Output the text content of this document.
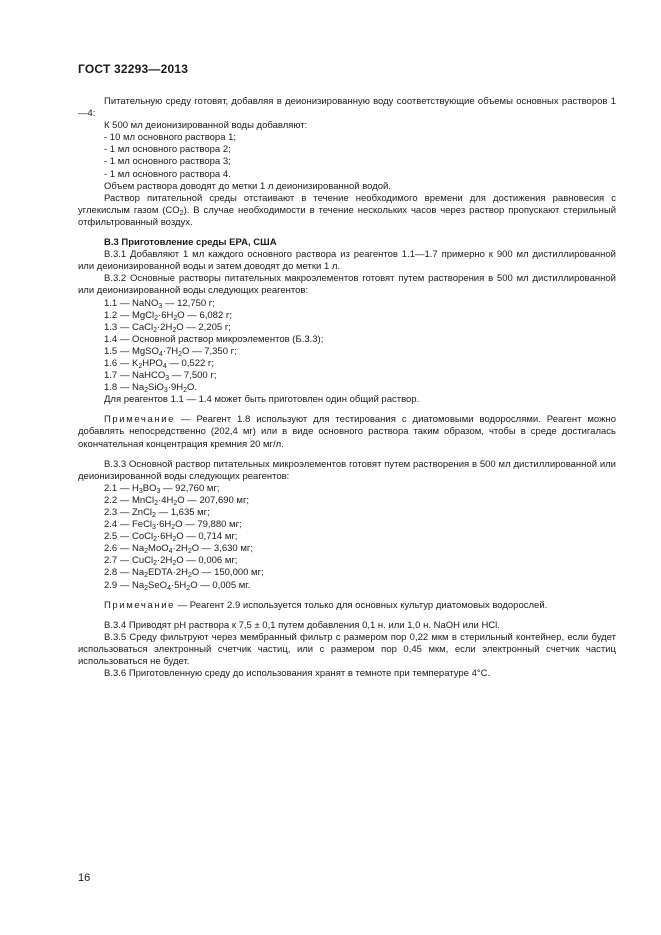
ГОСТ 32293—2013

Питательную среду готовят, добавляя в деионизированную воду соответствующие объемы основных растворов 1—4:

К 500 мл деионизированной воды добавляют:

- 10 мл основного раствора 1;
- 1 мл основного раствора 2;
- 1 мл основного раствора 3;
- 1 мл основного раствора 4.

Объем раствора доводят до метки 1 л деионизированной водой.

Раствор питательной среды отстаивают в течение необходимого времени для достижения равновесия с углекислым газом $(CO_2)$. В случае необходимости в течение нескольких часов через раствор пропускают стерильный отфильтрованный воздух.

B.3 Приготовление среды EPA, США

B.3.1 Добавляют 1 мл каждого основного раствора из реагентов 1.1—1.7 примерно к 900 мл дистиллированной или деионизированной воды и затем доводят до метки 1 л.

B.3.2 Основные растворы питательных макроэлементов готовят путем растворения в 500 мл дистиллированной или деионизированной воды следующих реагентов:

1.1 — NaNO$_3$ — 12,750 г;
1.2 — $MgCl_2\cdot 6H_2O$ — 6,082 г;
1.3 — $CaCl_2\cdot 2H_2O$ — 2,205 г;
1.4 — Основной раствор микроэлементов (Б.3.3);
1.5 — $MgSO_4\cdot 7H_2O$ — 7,350 г;
1.6 — $K_2HPO_4$ — 0,522 г;
1.7 — NaHCO$_3$ — 7,500 г;
1.8 — $Na_2SiO_3\cdot 9H_2O$.

Для реагентов 1.1 — 1.4 может быть приготовлен один общий раствор.

Примечание — Реагент 1.8 используют для тестирования с диатомовыми водорослями. Реагент можно добавлять непосредственно (202,4 мг) или в виде основного раствора таким образом, чтобы в среде достигалась окончательная концентрация кремния 20 мг/л.

B.3.3 Основной раствор питательных микроэлементов готовят путем растворения в 500 мл дистиллированной или деионизированной воды следующих реагентов:

2.1 — $H_3BO_3$ — 92,760 мг;
2.2 — $MnCl_2\cdot 4H_2O$ — 207,690 мг;
2.3 — ZnCl$_2$ — 1,635 мг;
2.4 — $FeCl_3\cdot 6H_2O$ — 79,880 мг;
2.5 — $CoCl_2\cdot 6H_2O$ — 0,714 мг;
2.6 — $Na_2MoO_4\cdot 2H_2O$ — 3,630 мг;
2.7 — $CuCl_2\cdot 2H_2O$ — 0,006 мг;
2.8 — $Na_2EDTA\cdot 2H_2O$ — 150,000 мг;
2.9 — $Na_2SeO_4\cdot 5H_2O$ — 0,005 мг.

Примечание — Реагент 2.9 используется только для основных культур диатомовых водорослей.

B.3.4 Приводят pH раствора к 7,5 ± 0,1 путем добавления 0,1 н. или 1,0 н. NaOH или HCl.

B.3.5 Среду фильтруют через мембранный фильтр с размером пор 0,22 мкм в стерильный контейнер, если будет использоваться электронный счетчик частиц, или с размером пор 0,45 мкм, если электронный счетчик частиц использоваться не будет.

B.3.6 Приготовленную среду до использования хранят в темноте при температуре 4°С.

16
